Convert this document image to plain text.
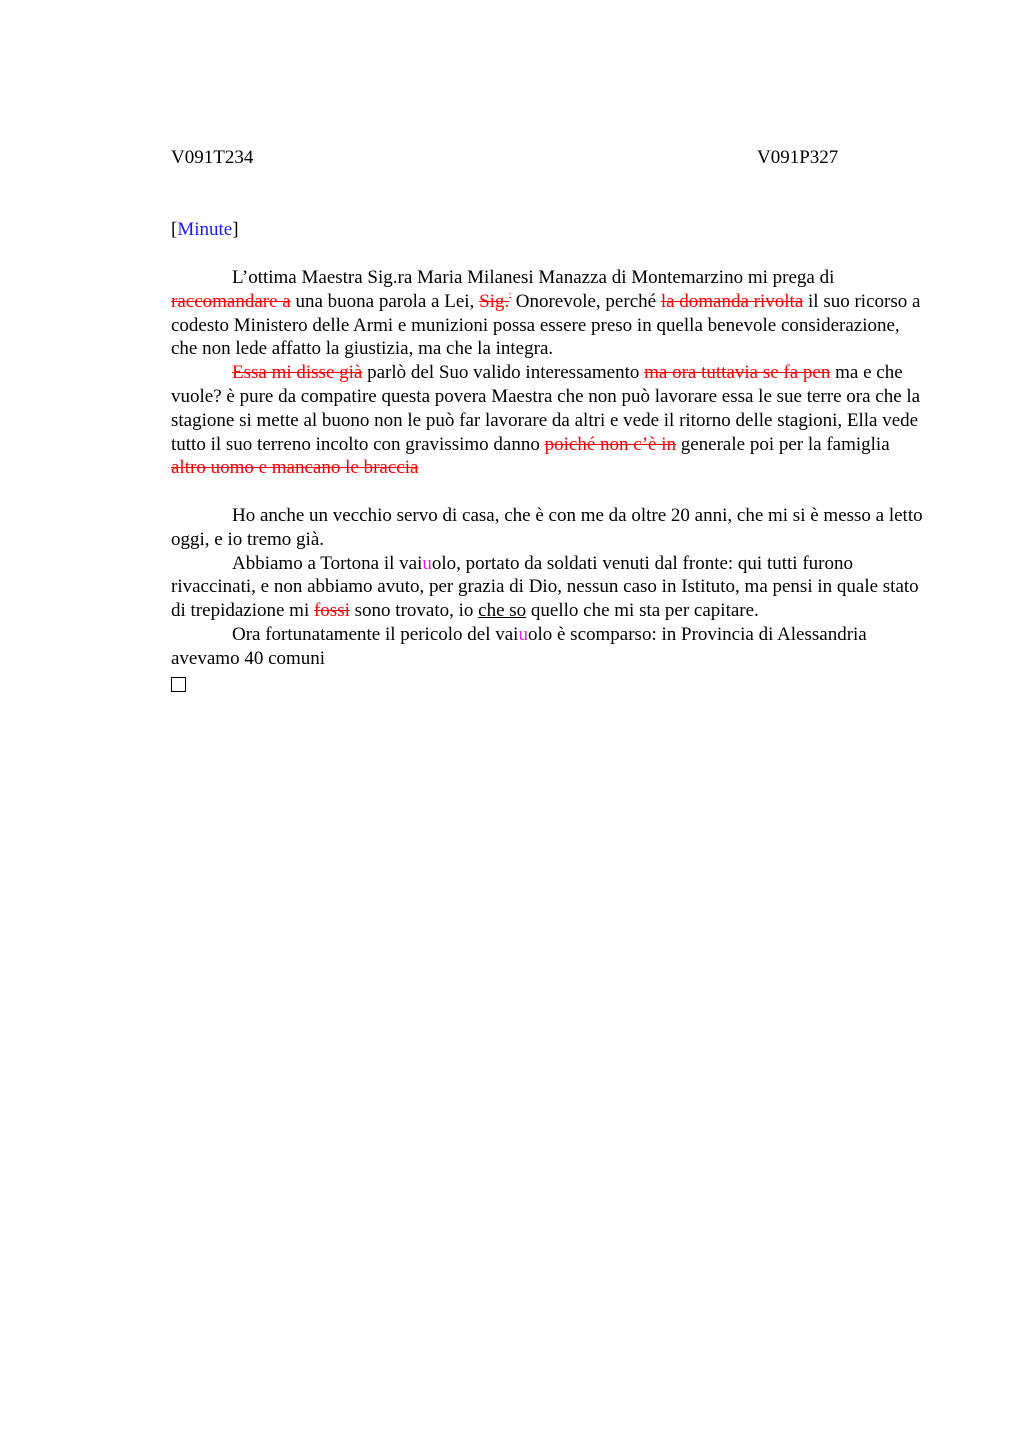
V091T234	V091P327
[Minute]

L’ottima Maestra Sig.ra Maria Milanesi Manazza di Montemarzino mi prega di raccomandare a una buona parola a Lei, Sig.' Onorevole, perché la domanda rivolta il suo ricorso a codesto Ministero delle Armi e munizioni possa essere preso in quella benevole considerazione, che non lede affatto la giustizia, ma che la integra.

Essa mi disse già parlò del Suo valido interessamento ma ora tuttavia se fa pen ma e che vuole? è pure da compatire questa povera Maestra che non può lavorare essa le sue terre ora che la stagione si mette al buono non le può far lavorare da altri e vede il ritorno delle stagioni, Ella vede tutto il suo terreno incolto con gravissimo danno poiché non c’è in generale poi per la famiglia altro uomo e mancano le braccia

Ho anche un vecchio servo di casa, che è con me da oltre 20 anni, che mi si è messo a letto oggi, e io tremo già.

Abbiamo a Tortona il vaiuolo, portato da soldati venuti dal fronte: qui tutti furono rivaccinati, e non abbiamo avuto, per grazia di Dio, nessun caso in Istituto, ma pensi in quale stato di trepidazione mi fossi sono trovato, io che so quello che mi sta per capitare.

Ora fortunatamente il pericolo del vaiuolo è scomparso: in Provincia di Alessandria avevamo 40 comuni
